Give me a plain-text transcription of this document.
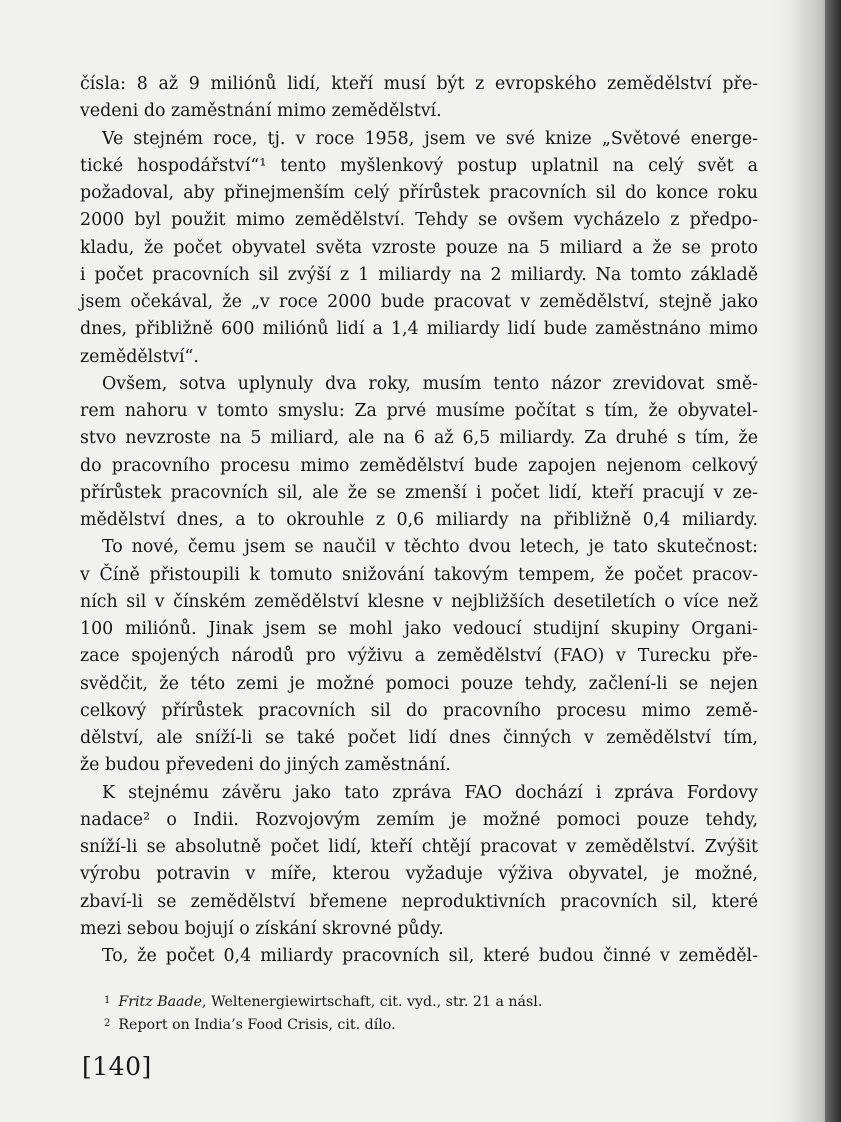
čísla: 8 až 9 miliónů lidí, kteří musí být z evropského zemědělství pře-
vedeni do zaměstnání mimo zemědělství.
Ve stejném roce, tj. v roce 1958, jsem ve své knize „Světové energe-
tické hospodářství“¹ tento myšlenkový postup uplatnil na celý svět a
požadoval, aby přinejmenším celý přírůstek pracovních sil do konce roku
2000 byl použit mimo zemědělství. Tehdy se ovšem vycházelo z předpo-
kladu, že počet obyvatel světa vzroste pouze na 5 miliard a že se proto
i počet pracovních sil zvýší z 1 miliardy na 2 miliardy. Na tomto základě
jsem očekával, že „v roce 2000 bude pracovat v zemědělství, stejně jako
dnes, přibližně 600 miliónů lidí a 1,4 miliardy lidí bude zaměstnáno mimo
zemědělství“.
Ovšem, sotva uplynuly dva roky, musím tento názor zrevidovat smě-
rem nahoru v tomto smyslu: Za prvé musíme počítat s tím, že obyvatel-
stvo nevzroste na 5 miliard, ale na 6 až 6,5 miliardy. Za druhé s tím, že
do pracovního procesu mimo zemědělství bude zapojen nejenom celkový
přírůstek pracovních sil, ale že se zmenší i počet lidí, kteří pracují v ze-
mědělství dnes, a to okrouhle z 0,6 miliardy na přibližně 0,4 miliardy.
To nové, čemu jsem se naučil v těchto dvou letech, je tato skutečnost:
v Číně přistoupili k tomuto snižování takovým tempem, že počet pracov-
ních sil v čínském zemědělství klesne v nejbližších desetiletích o více než
100 miliónů. Jinak jsem se mohl jako vedoucí studijní skupiny Organi-
zace spojených národů pro výživu a zemědělství (FAO) v Turecku pře-
svědčit, že této zemi je možné pomoci pouze tehdy, začlení-li se nejen
celkový přírůstek pracovních sil do pracovního procesu mimo země-
dělství, ale sníží-li se také počet lidí dnes činných v zemědělství tím,
že budou převedeni do jiných zaměstnání.
K stejnému závěru jako tato zpráva FAO dochází i zpráva Fordovy
nadace² o Indii. Rozvojovým zemím je možné pomoci pouze tehdy,
sníží-li se absolutně počet lidí, kteří chtějí pracovat v zemědělství. Zvýšit
výrobu potravin v míře, kterou vyžaduje výživa obyvatel, je možné,
zbaví-li se zemědělství břemene neproduktivních pracovních sil, které
mezi sebou bojují o získání skrovné půdy.
To, že počet 0,4 miliardy pracovních sil, které budou činné v zeměděl-
$^1$ Fritz Baade, Weltenergiewirtschaft, cit. vyd., str. 21 a násl.
$^2$ Report on India’s Food Crisis, cit. dílo.
[140]
